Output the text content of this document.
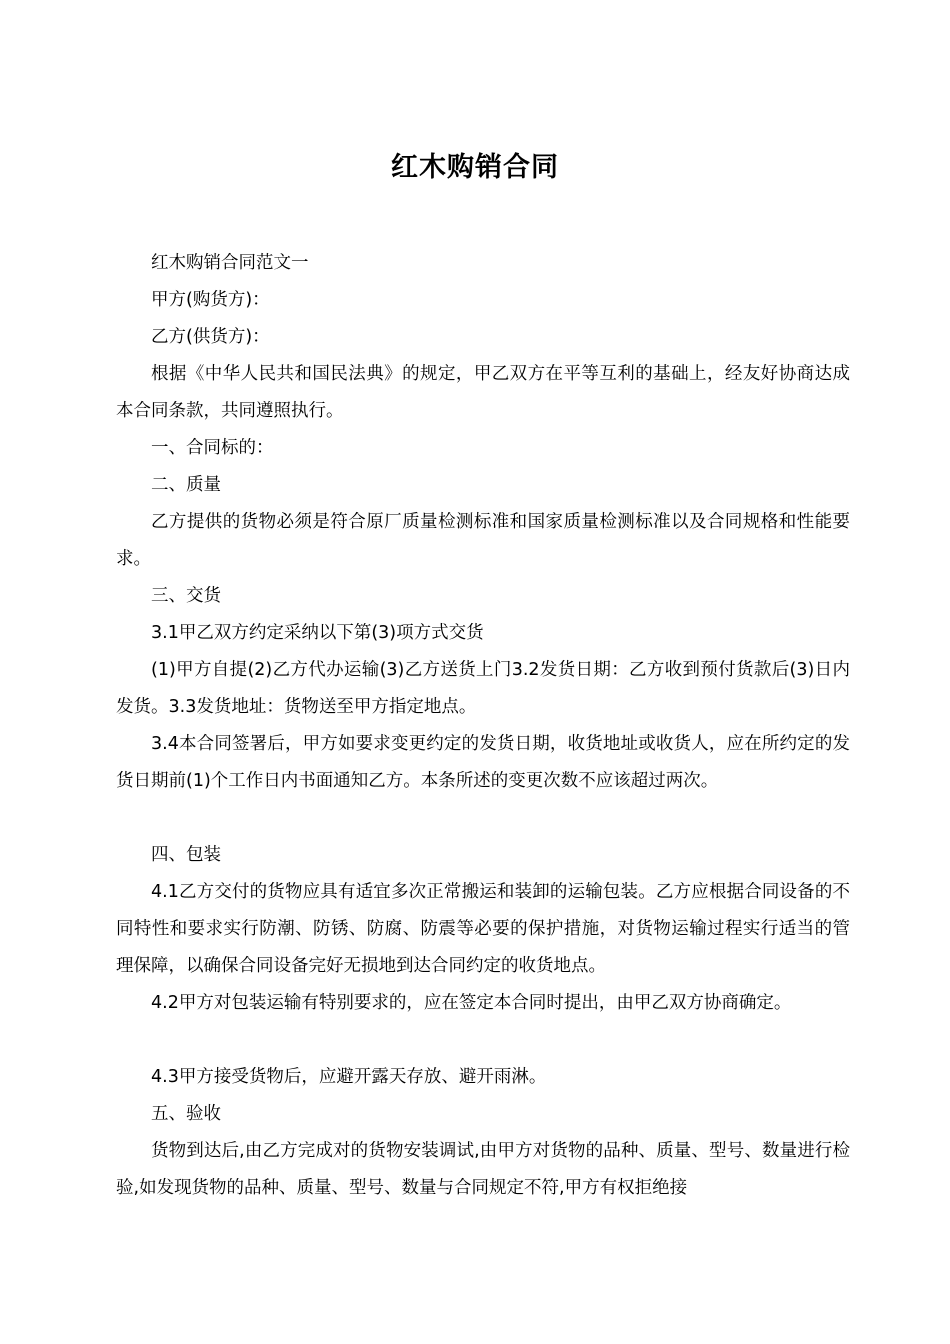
红木购销合同

红木购销合同范文一

甲方(购货方)：

乙方(供货方)：

根据《中华人民共和国民法典》的规定，甲乙双方在平等互利的基础上，经友好协商达成本合同条款，共同遵照执行。

一、合同标的：

二、质量

乙方提供的货物必须是符合原厂质量检测标准和国家质量检测标准以及合同规格和性能要求。

三、交货

3.1甲乙双方约定采纳以下第(3)项方式交货

(1)甲方自提(2)乙方代办运输(3)乙方送货上门3.2发货日期：乙方收到预付货款后(3)日内发货。3.3发货地址：货物送至甲方指定地点。

3.4本合同签署后，甲方如要求变更约定的发货日期，收货地址或收货人，应在所约定的发货日期前(1)个工作日内书面通知乙方。本条所述的变更次数不应该超过两次。

四、包装

4.1乙方交付的货物应具有适宜多次正常搬运和装卸的运输包装。乙方应根据合同设备的不同特性和要求实行防潮、防锈、防腐、防震等必要的保护措施，对货物运输过程实行适当的管理保障，以确保合同设备完好无损地到达合同约定的收货地点。

4.2甲方对包装运输有特别要求的，应在签定本合同时提出，由甲乙双方协商确定。

4.3甲方接受货物后，应避开露天存放、避开雨淋。

五、验收

货物到达后,由乙方完成对的货物安装调试,由甲方对货物的品种、质量、型号、数量进行检验,如发现货物的品种、质量、型号、数量与合同规定不符,甲方有权拒绝接
